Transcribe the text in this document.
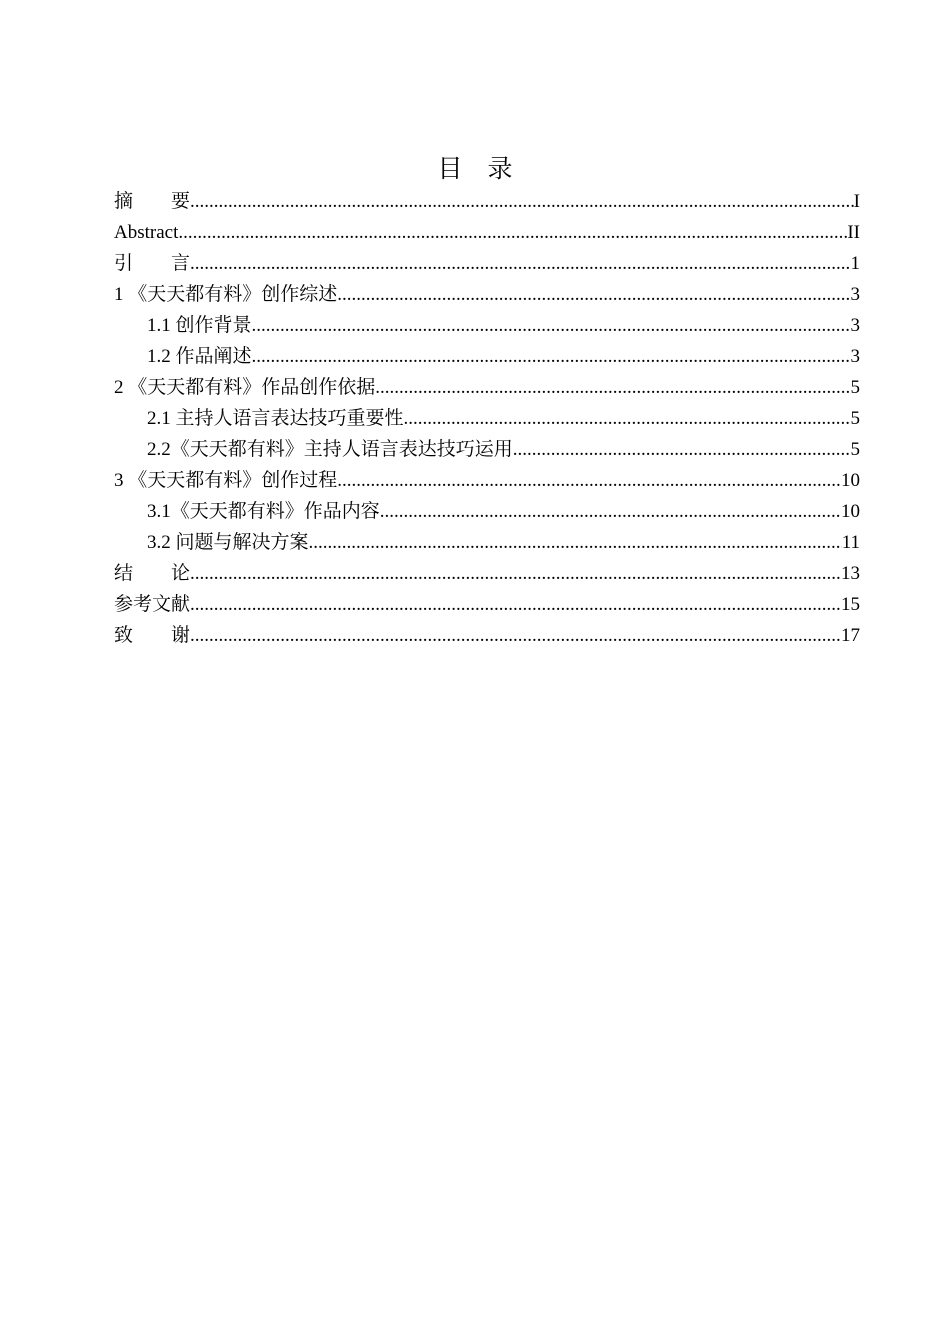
目　录
摘　　要 .....	I
Abstract .....	II
引　　言 .....	1
1 《天天都有料》创作综述 .....	3
1.1 创作背景 .....	3
1.2 作品阐述 .....	3
2 《天天都有料》作品创作依据 .....	5
2.1 主持人语言表达技巧重要性 .....	5
2.2《天天都有料》主持人语言表达技巧运用 .....	5
3 《天天都有料》创作过程 .....	10
3.1《天天都有料》作品内容 .....	10
3.2 问题与解决方案 .....	11
结　　论 .....	13
参考文献 .....	15
致　　谢 .....	17
